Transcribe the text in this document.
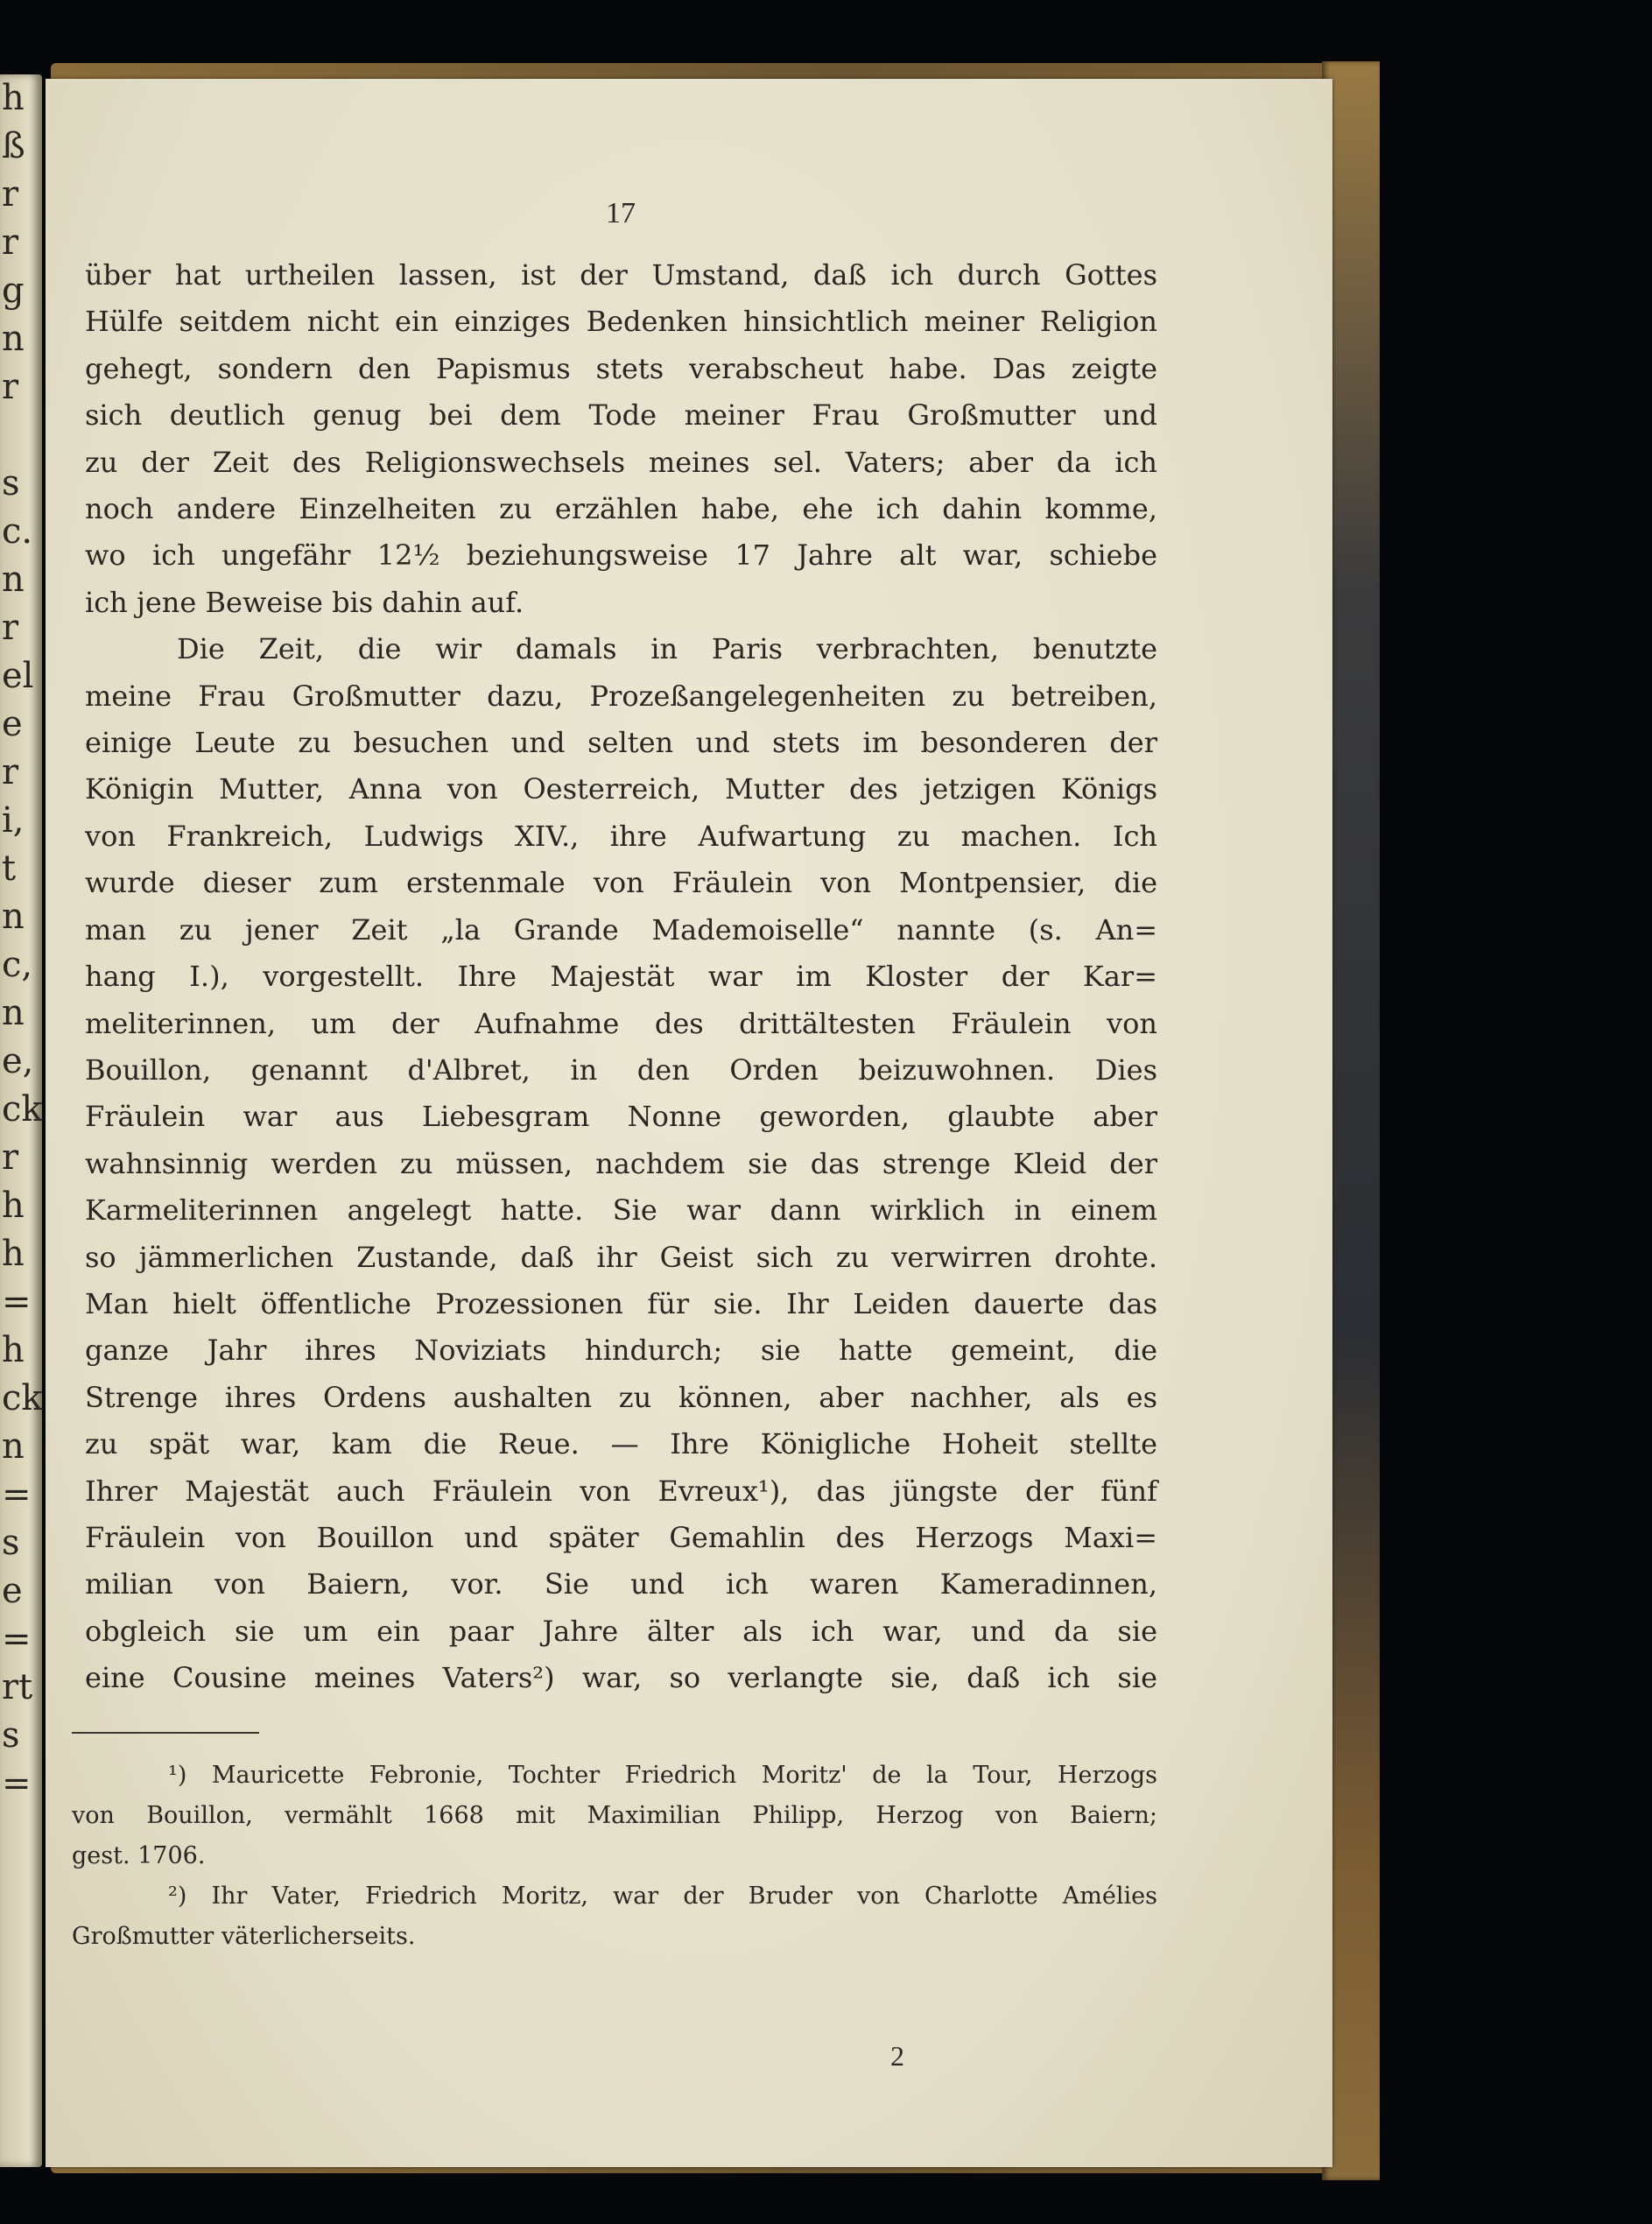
h
ß
r
r
g
n
r

s
c.
n
r
el
e
r
i,
t
n
c,
n
e,
ck
r
h
h
=
h
ck
n
=
s
e
=
rt
s
=
17
über hat urtheilen lassen, ist der Umstand, daß ich durch Gottes
Hülfe seitdem nicht ein einziges Bedenken hinsichtlich meiner Religion
gehegt, sondern den Papismus stets verabscheut habe. Das zeigte
sich deutlich genug bei dem Tode meiner Frau Großmutter und
zu der Zeit des Religionswechsels meines sel. Vaters; aber da ich
noch andere Einzelheiten zu erzählen habe, ehe ich dahin komme,
wo ich ungefähr 12½ beziehungsweise 17 Jahre alt war, schiebe
ich jene Beweise bis dahin auf.
Die Zeit, die wir damals in Paris verbrachten, benutzte
meine Frau Großmutter dazu, Prozeßangelegenheiten zu betreiben,
einige Leute zu besuchen und selten und stets im besonderen der
Königin Mutter, Anna von Oesterreich, Mutter des jetzigen Königs
von Frankreich, Ludwigs XIV., ihre Aufwartung zu machen. Ich
wurde dieser zum erstenmale von Fräulein von Montpensier, die
man zu jener Zeit „la Grande Mademoiselle“ nannte (s. An=
hang I.), vorgestellt. Ihre Majestät war im Kloster der Kar=
meliterinnen, um der Aufnahme des drittältesten Fräulein von
Bouillon, genannt d'Albret, in den Orden beizuwohnen. Dies
Fräulein war aus Liebesgram Nonne geworden, glaubte aber
wahnsinnig werden zu müssen, nachdem sie das strenge Kleid der
Karmeliterinnen angelegt hatte. Sie war dann wirklich in einem
so jämmerlichen Zustande, daß ihr Geist sich zu verwirren drohte.
Man hielt öffentliche Prozessionen für sie. Ihr Leiden dauerte das
ganze Jahr ihres Noviziats hindurch; sie hatte gemeint, die
Strenge ihres Ordens aushalten zu können, aber nachher, als es
zu spät war, kam die Reue. — Ihre Königliche Hoheit stellte
Ihrer Majestät auch Fräulein von Evreux¹), das jüngste der fünf
Fräulein von Bouillon und später Gemahlin des Herzogs Maxi=
milian von Baiern, vor. Sie und ich waren Kameradinnen,
obgleich sie um ein paar Jahre älter als ich war, und da sie
eine Cousine meines Vaters²) war, so verlangte sie, daß ich sie
¹) Mauricette Febronie, Tochter Friedrich Moritz' de la Tour, Herzogs
von Bouillon, vermählt 1668 mit Maximilian Philipp, Herzog von Baiern;
gest. 1706.
²) Ihr Vater, Friedrich Moritz, war der Bruder von Charlotte Amélies
Großmutter väterlicherseits.
2
